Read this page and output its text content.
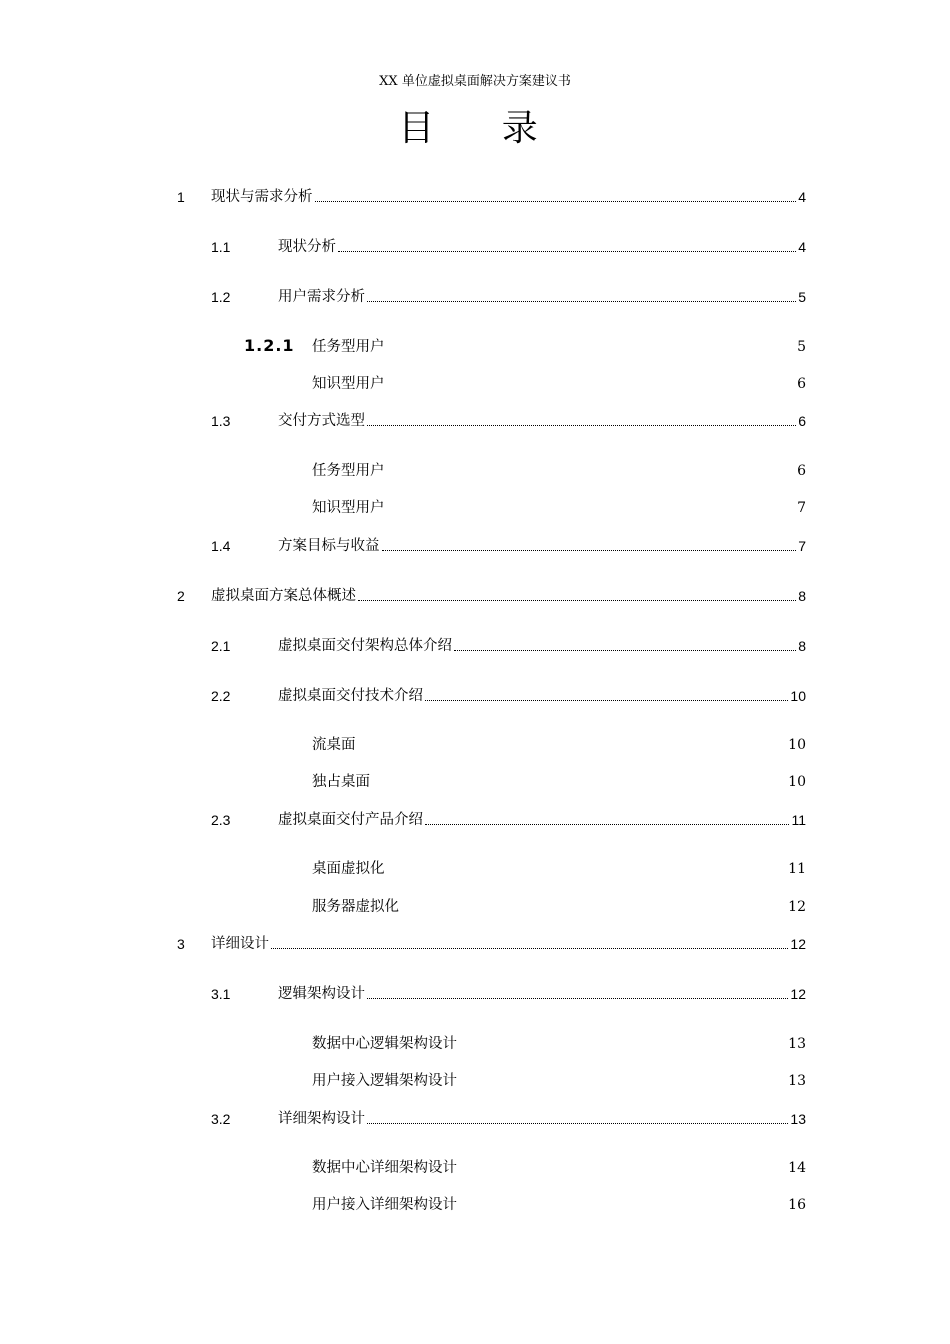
XX 单位虚拟桌面解决方案建议书
目 录
1 现状与需求分析	4
1.1	现状分析	4
1.2	用户需求分析	5
1.2.1 任务型用户	5
知识型用户	6
1.3	交付方式选型	6
任务型用户	6
知识型用户	7
1.4	方案目标与收益	7
2 虚拟桌面方案总体概述	8
2.1	虚拟桌面交付架构总体介绍	8
2.2	虚拟桌面交付技术介绍	10
流桌面	10
独占桌面	10
2.3	虚拟桌面交付产品介绍	11
桌面虚拟化	11
服务器虚拟化	12
3 详细设计	12
3.1	逻辑架构设计	12
数据中心逻辑架构设计	13
用户接入逻辑架构设计	13
3.2	详细架构设计	13
数据中心详细架构设计	14
用户接入详细架构设计	16
